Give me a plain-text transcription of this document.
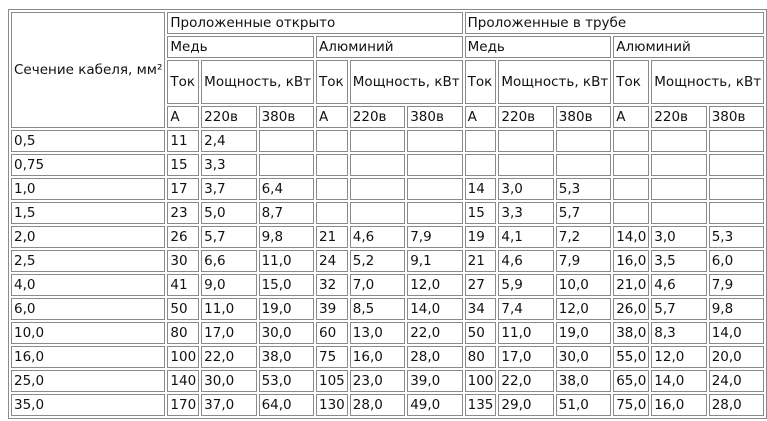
Сечение кабеля, мм²	Проложенные открыто						Проложенные в трубе					
	Медь			Алюминий			Медь			Алюминий		
	Ток	Мощность, кВт		Ток	Мощность, кВт		Ток	Мощность, кВт		Ток	Мощность, кВт	
	А	220в	380в	А	220в	380в	А	220в	380в	А	220в	380в
0,5	11	2,4										
0,75	15	3,3										
1,0	17	3,7	6,4				14	3,0	5,3			
1,5	23	5,0	8,7				15	3,3	5,7			
2,0	26	5,7	9,8	21	4,6	7,9	19	4,1	7,2	14,0	3,0	5,3
2,5	30	6,6	11,0	24	5,2	9,1	21	4,6	7,9	16,0	3,5	6,0
4,0	41	9,0	15,0	32	7,0	12,0	27	5,9	10,0	21,0	4,6	7,9
6,0	50	11,0	19,0	39	8,5	14,0	34	7,4	12,0	26,0	5,7	9,8
10,0	80	17,0	30,0	60	13,0	22,0	50	11,0	19,0	38,0	8,3	14,0
16,0	100	22,0	38,0	75	16,0	28,0	80	17,0	30,0	55,0	12,0	20,0
25,0	140	30,0	53,0	105	23,0	39,0	100	22,0	38,0	65,0	14,0	24,0
35,0	170	37,0	64,0	130	28,0	49,0	135	29,0	51,0	75,0	16,0	28,0
